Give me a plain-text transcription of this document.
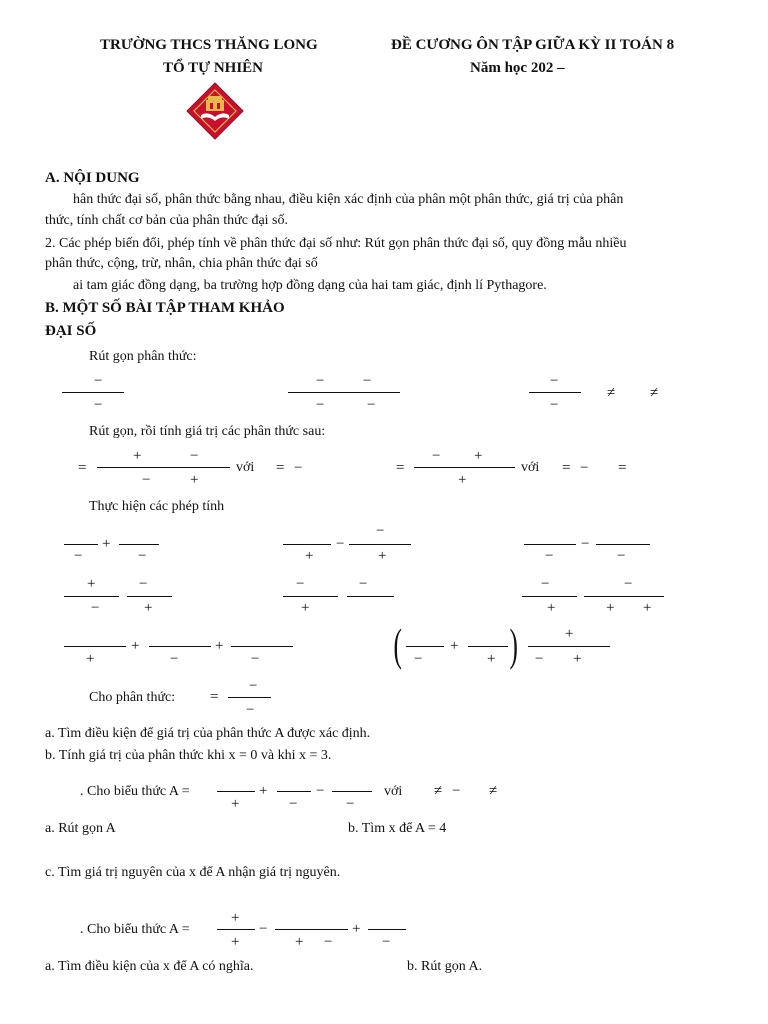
TRƯỜNG THCS THĂNG LONG
TỔ TỰ NHIÊN
ĐỀ CƯƠNG ÔN TẬP GIỮA KỲ II TOÁN 8
Năm học 202 –
A. NỘI DUNG
hân thức đại số, phân thức bằng nhau, điều kiện xác định của phân một phân thức, giá trị của phân
thức, tính chất cơ bản của phân thức đại số.
2. Các phép biến đổi, phép tính về phân thức đại số như: Rút gọn phân thức đại số, quy đồng mẫu nhiều
phân thức, cộng, trừ, nhân, chia phân thức đại số
ai tam giác đồng dạng, ba trường hợp đồng dạng của hai tam giác, định lí Pythagore.
B. MỘT SỐ BÀI TẬP THAM KHẢO
ĐẠI SỐ
Rút gọn phân thức:
−
−
−	−
−	−
−
−
≠ ≠
Rút gọn, rồi tính giá trị các phân thức sau:
=
+	−
−	+
với = −	=
− +
+
với = − =
Thực hiện các phép tính
+
−	−
−
−
+	+
−
−	−
+
−
−
+
−
+
−	−
+
−
+ +
+	+
+	−	−	(	+ )
−	+
+
− +
Cho phân thức: =
−
−
a. Tìm điều kiện để giá trị của phân thức A được xác định.
b. Tính giá trị của phân thức khi x = 0 và khi x = 3.
. Cho biểu thức A =	+	−
+	−	−
với ≠ − ≠
a. Rút gọn A	b. Tìm x để A = 4
c. Tìm giá trị nguyên của x để A nhận giá trị nguyên.
. Cho biểu thức A =
+
+
−
+ −
+
−
a. Tìm điều kiện của x để A có nghĩa.	b. Rút gọn A.
